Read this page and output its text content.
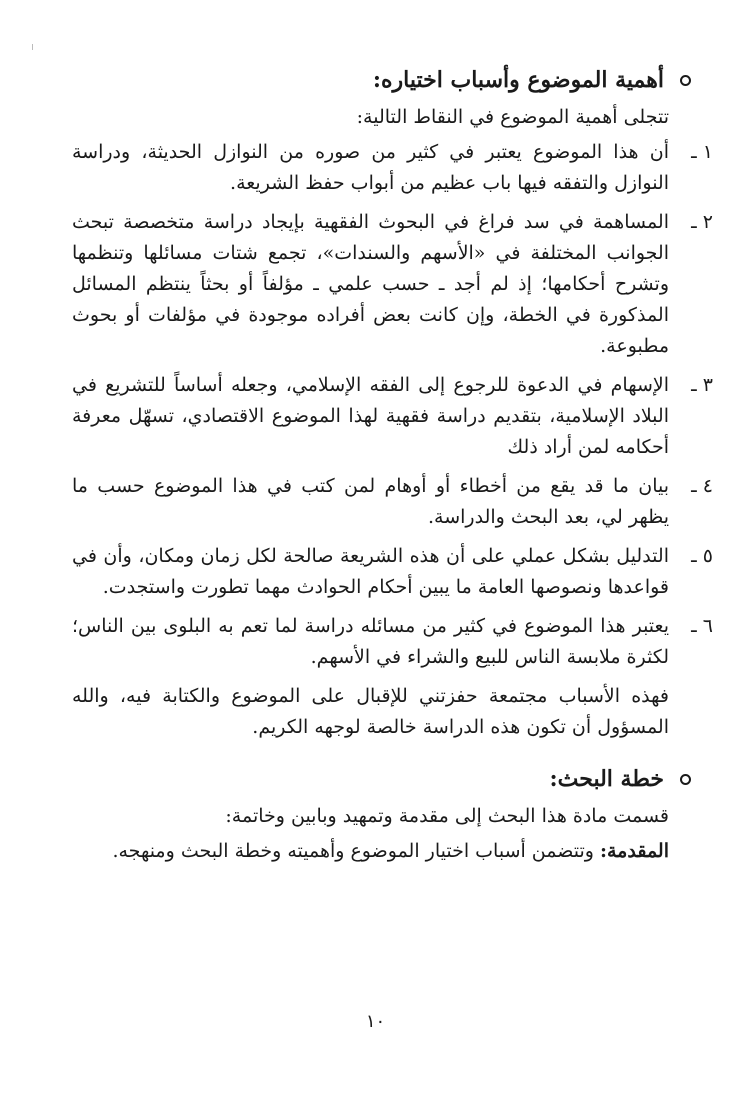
أهمية الموضوع وأسباب اختياره:

تتجلى أهمية الموضوع في النقاط التالية:

١ ـ
أن هذا الموضوع يعتبر في كثير من صوره من النوازل الحديثة، ودراسة النوازل والتفقه فيها باب عظيم من أبواب حفظ الشريعة.
٢ ـ
المساهمة في سد فراغ في البحوث الفقهية بإيجاد دراسة متخصصة تبحث الجوانب المختلفة في «الأسهم والسندات»، تجمع شتات مسائلها وتنظمها وتشرح أحكامها؛ إذ لم أجد ـ حسب علمي ـ مؤلفاً أو بحثاً ينتظم المسائل المذكورة في الخطة، وإن كانت بعض أفراده موجودة في مؤلفات أو بحوث مطبوعة.
٣ ـ
الإسهام في الدعوة للرجوع إلى الفقه الإسلامي، وجعله أساساً للتشريع في البلاد الإسلامية، بتقديم دراسة فقهية لهذا الموضوع الاقتصادي، تسهّل معرفة أحكامه لمن أراد ذلك
٤ ـ
بيان ما قد يقع من أخطاء أو أوهام لمن كتب في هذا الموضوع حسب ما يظهر لي، بعد البحث والدراسة.
٥ ـ
التدليل بشكل عملي على أن هذه الشريعة صالحة لكل زمان ومكان، وأن في قواعدها ونصوصها العامة ما يبين أحكام الحوادث مهما تطورت واستجدت.
٦ ـ
يعتبر هذا الموضوع في كثير من مسائله دراسة لما تعم به البلوى بين الناس؛ لكثرة ملابسة الناس للبيع والشراء في الأسهم.

فهذه الأسباب مجتمعة حفزتني للإقبال على الموضوع والكتابة فيه، والله المسؤول أن تكون هذه الدراسة خالصة لوجهه الكريم.

خطة البحث:

قسمت مادة هذا البحث إلى مقدمة وتمهيد وبابين وخاتمة:

المقدمة: وتتضمن أسباب اختيار الموضوع وأهميته وخطة البحث ومنهجه.

١٠
